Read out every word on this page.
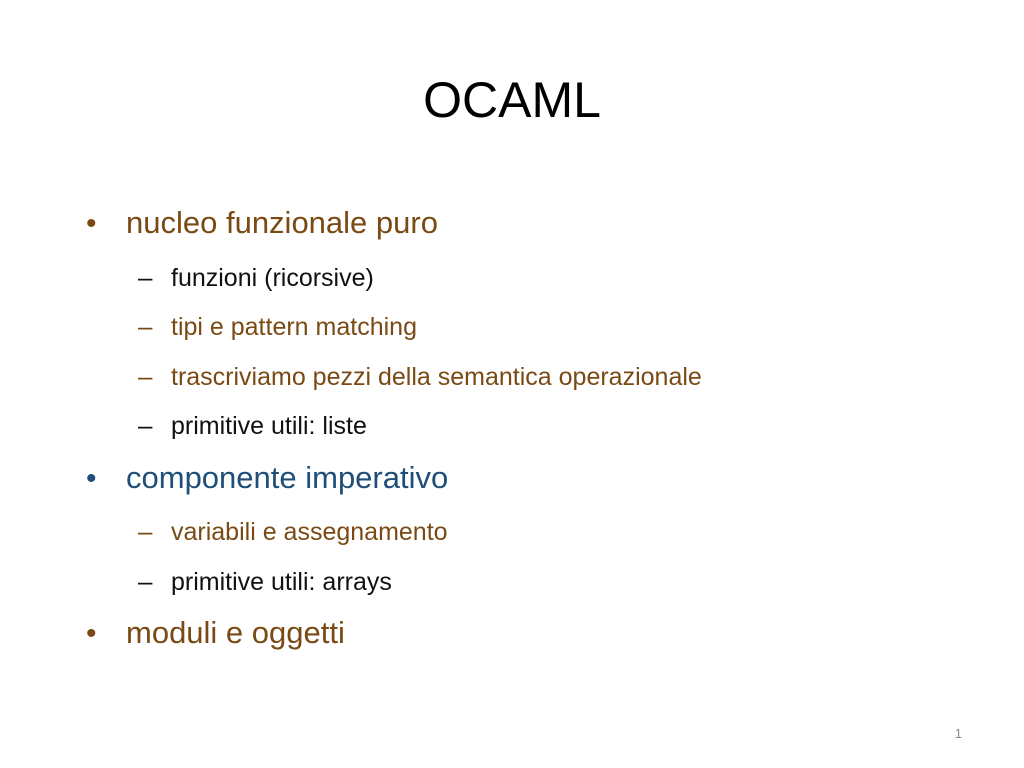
OCAML
• nucleo funzionale puro
– funzioni (ricorsive)
– tipi e pattern matching
– trascriviamo pezzi della semantica operazionale
– primitive utili: liste
• componente imperativo
– variabili e assegnamento
– primitive utili: arrays
• moduli e oggetti
1
